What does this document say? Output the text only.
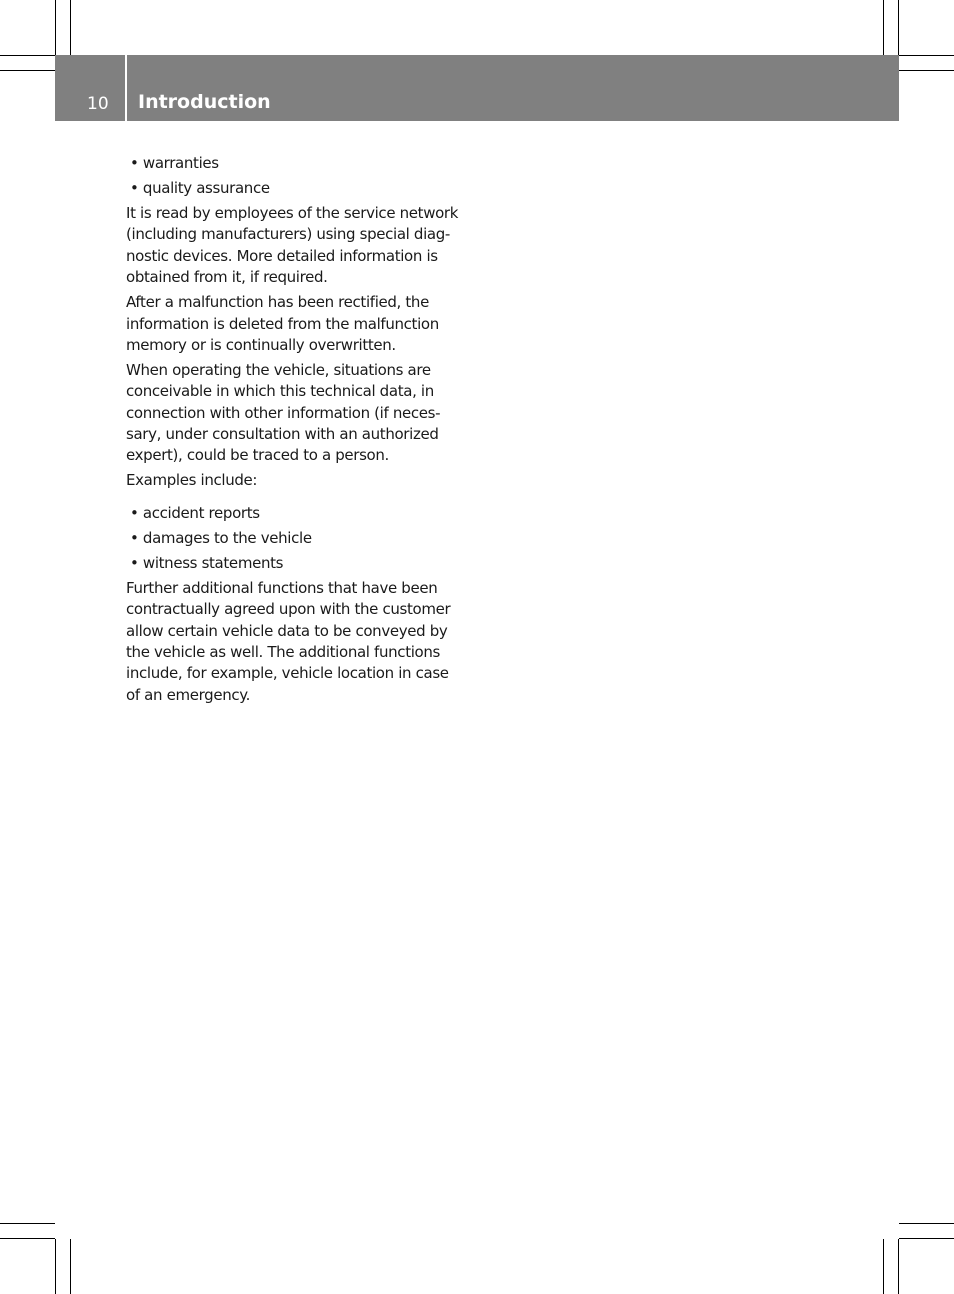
10 Introduction
• warranties
• quality assurance
It is read by employees of the service network
(including manufacturers) using special diag-
nostic devices. More detailed information is
obtained from it, if required.
After a malfunction has been rectified, the
information is deleted from the malfunction
memory or is continually overwritten.
When operating the vehicle, situations are
conceivable in which this technical data, in
connection with other information (if neces-
sary, under consultation with an authorized
expert), could be traced to a person.
Examples include:
• accident reports
• damages to the vehicle
• witness statements
Further additional functions that have been
contractually agreed upon with the customer
allow certain vehicle data to be conveyed by
the vehicle as well. The additional functions
include, for example, vehicle location in case
of an emergency.
